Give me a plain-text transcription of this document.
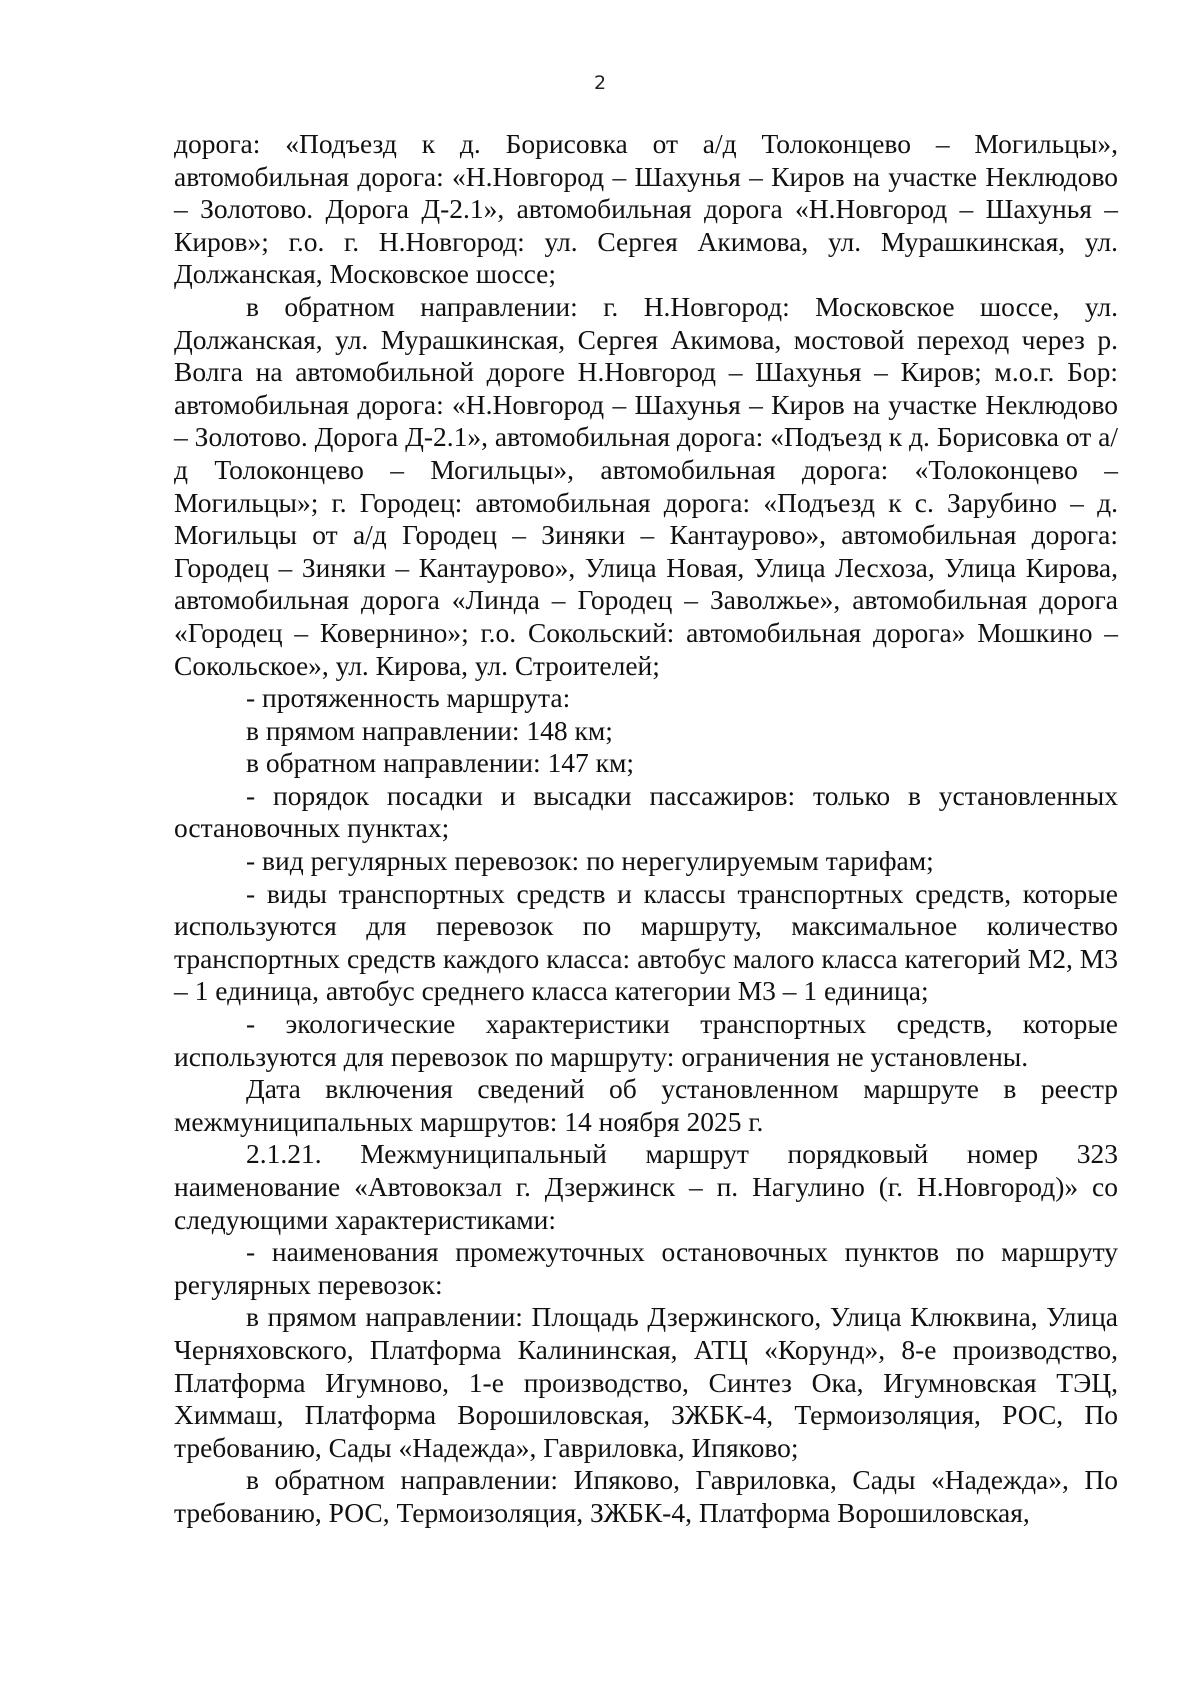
2

дорога: «Подъезд к д. Борисовка от а/д Толоконцево – Могильцы», автомобильная дорога: «Н.Новгород – Шахунья – Киров на участке Неклюдово – Золотово. Дорога Д-2.1», автомобильная дорога «Н.Новгород – Шахунья – Киров»; г.о. г. Н.Новгород: ул. Сергея Акимова, ул. Мурашкинская, ул. Должанская, Московское шоссе;

в обратном направлении: г. Н.Новгород: Московское шоссе, ул. Должанская, ул. Мурашкинская, Сергея Акимова, мостовой переход через р. Волга на автомобильной дороге Н.Новгород – Шахунья – Киров; м.о.г. Бор: автомобильная дорога: «Н.Новгород – Шахунья – Киров на участке Неклюдово – Золотово. Дорога Д-2.1», автомобильная дорога: «Подъезд к д. Борисовка от а/д Толоконцево – Могильцы», автомобильная дорога: «Толоконцево – Могильцы»; г. Городец: автомобильная дорога: «Подъезд к с. Зарубино – д. Могильцы от а/д Городец – Зиняки – Кантаурово», автомобильная дорога: Городец – Зиняки – Кантаурово», Улица Новая, Улица Лесхоза, Улица Кирова, автомобильная дорога «Линда – Городец – Заволжье», автомобильная дорога «Городец – Ковернино»; г.о. Сокольский: автомобильная дорога» Мошкино – Сокольское», ул. Кирова, ул. Строителей;

- протяженность маршрута:

в прямом направлении: 148 км;

в обратном направлении: 147 км;

- порядок посадки и высадки пассажиров: только в установленных остановочных пунктах;

- вид регулярных перевозок: по нерегулируемым тарифам;

- виды транспортных средств и классы транспортных средств, которые используются для перевозок по маршруту, максимальное количество транспортных средств каждого класса: автобус малого класса категорий М2, М3 – 1 единица, автобус среднего класса категории М3 – 1 единица;

- экологические характеристики транспортных средств, которые используются для перевозок по маршруту: ограничения не установлены.

Дата включения сведений об установленном маршруте в реестр межмуниципальных маршрутов: 14 ноября 2025 г.

2.1.21. Межмуниципальный маршрут порядковый номер 323 наименование «Автовокзал г. Дзержинск – п. Нагулино (г. Н.Новгород)» со следующими характеристиками:

- наименования промежуточных остановочных пунктов по маршруту регулярных перевозок:

в прямом направлении: Площадь Дзержинского, Улица Клюквина, Улица Черняховского, Платформа Калининская, АТЦ «Корунд», 8-е производство, Платформа Игумново, 1-е производство, Синтез Ока, Игумновская ТЭЦ, Химмаш, Платформа Ворошиловская, ЗЖБК-4, Термоизоляция, РОС, По требованию, Сады «Надежда», Гавриловка, Ипяково;

в обратном направлении: Ипяково, Гавриловка, Сады «Надежда», По требованию, РОС, Термоизоляция, ЗЖБК-4, Платформа Ворошиловская,
